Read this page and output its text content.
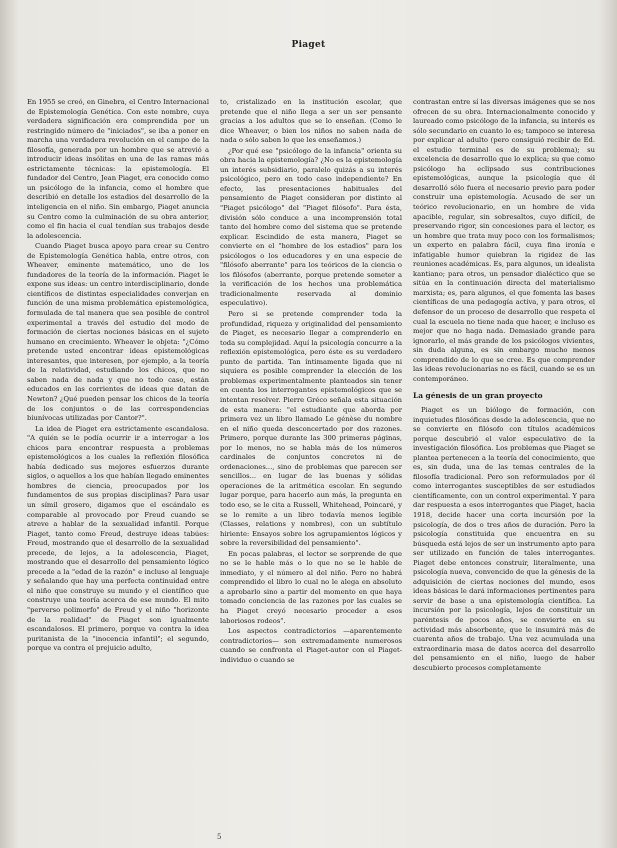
Piaget

En 1955 se creó, en Ginebra, el Centro Internacional de Epistemología Genética. Con este nombre, cuya verdadera significación era comprendida por un restringido número de "iniciados", se iba a poner en marcha una verdadera revolución en el campo de la filosofía, generada por un hombre que se atrevió a introducir ideas insólitas en una de las ramas más estrictamente técnicas: la epistemología. El fundador del Centro, Jean Piaget, era conocido como un psicólogo de la infancia, como el hombre que describió en detalle los estadios del desarrollo de la inteligencia en el niño. Sin embargo, Piaget anuncia su Centro como la culminación de su obra anterior, como el fin hacia el cual tendían sus trabajos desde la adolescencia.

Cuando Piaget busca apoyo para crear su Centro de Epistemología Genética habla, entre otros, con Wheaver, eminente matemático, uno de los fundadores de la teoría de la información. Piaget le expone sus ideas: un centro interdisciplinario, donde científicos de distintas especialidades converjan en función de una misma problemática epistemológica, formulada de tal manera que sea posible de control experimental a través del estudio del modo de formación de ciertas nociones básicas en el sujeto humano en crecimiento. Wheaver le objeta: "¿Cómo pretende usted encontrar ideas epistemológicas interesantes, que interesen, por ejemplo, a la teoría de la relatividad, estudiando los chicos, que no saben nada de nada y que no todo caso, están educados en las corrientes de ideas que datan de Newton? ¿Qué pueden pensar los chicos de la teoría de los conjuntos o de las correspondencias biunívocas utilizadas por Cantor?".

La idea de Piaget era estrictamente escandalosa. "A quién se le podía ocurrir ir a interrogar a los chicos para encontrar respuesta a problemas epistemológicos a los cuales la reflexión filosófica había dedicado sus mejores esfuerzos durante siglos, o aquellos a los que habían llegado eminentes hombres de ciencia, preocupados por los fundamentos de sus propias disciplinas? Para usar un símil grosero, digamos que el escándalo es comparable al provocado por Freud cuando se atreve a hablar de la sexualidad infantil. Porque Piaget, tanto como Freud, destruye ideas tabúes: Freud, mostrando que el desarrollo de la sexualidad precede, de lejos, a la adolescencia, Piaget, mostrando que el desarrollo del pensamiento lógico precede a la "edad de la razón" e incluso al lenguaje y señalando que hay una perfecta continuidad entre el niño que construye su mundo y el científico que construye una teoría acerca de ese mundo. El mito "perverso polimorfo" de Freud y el niño "horizonte de la realidad" de Piaget son igualmente escandalosos. El primero, porque va contra la idea puritanista de la "inocencia infantil"; el segundo, porque va contra el prejuicio adulto,

to, cristalizado en la institución escolar, que pretende que el niño llega a ser un ser pensante gracias a los adultos que se lo enseñan. (Como le dice Wheaver, o bien los niños no saben nada de nada o sólo saben lo que les enseñamos.)

¿Por qué ese "psicólogo de la infancia" orienta su obra hacia la epistemología? ¿No es la epistemología un interés subsidiario, paralelo quizás a su interés psicológico, pero en todo caso independiente? En efecto, las presentaciones habituales del pensamiento de Piaget consideran por distinto al "Piaget psicólogo" del "Piaget filósofo". Para ésta, división sólo conduce a una incomprensión total tanto del hombre como del sistema que se pretende explicar. Escindido de esta manera, Piaget se convierte en el "hombre de los estadios" para los psicólogos o los educadores y en una especie de "filósofo aberrante" para los teóricos de la ciencia o los filósofos (aberrante, porque pretende someter a la verificación de los hechos una problemática tradicionalmente reservada al dominio especulativo).

Pero si se pretende comprender toda la profundidad, riqueza y originalidad del pensamiento de Piaget, es necesario llegar a comprenderlo en toda su complejidad. Aquí la psicología concurre a la reflexión epistemológica, pero éste es su verdadero punto de partida. Tan íntimamente ligada que ni siquiera es posible comprender la elección de los problemas experimentalmente planteados sin tener en cuenta los interrogantes epistemológicos que se intentan resolver. Pierre Gréco señala esta situación de esta manera: "el estudiante que aborda por primera vez un libro llamado Le génèse du nombre en el niño queda desconcertado por dos razones. Primero, porque durante las 300 primeras páginas, por lo menos, no se habla más de los números cardinales de conjuntos concretos ni de ordenaciones..., sino de problemas que parecen ser sencillos... en lugar de las buenas y sólidas operaciones de la aritmética escolar. En segundo lugar porque, para hacerlo aun más, la pregunta en todo eso, se le cita a Russell, Whitehead, Poincaré, y se lo remite a un libro todavía menos legible (Classes, relations y nombres), con un subtítulo hiriente: Ensayos sobre los agrupamientos lógicos y sobre la reversibilidad del pensamiento".

En pocas palabras, el lector se sorprende de que no se le hable más o lo que no se le hable de inmediato, y el número al del niño. Pero no habrá comprendido el libro lo cual no le alega en absoluto a aprobarlo sino a partir del momento en que haya tomado conciencia de las razones por las cuales se ha Piaget creyó necesario proceder a esos laboriosos rodeos".

Los aspectos contradictorios —aparentemente contradictorios— son extremadamente numerosos cuando se confronta el Piaget-autor con el Piaget-individuo o cuando se

contrastan entre sí las diversas imágenes que se nos ofrecen de su obra. Internacionalmente conocido y laureado como psicólogo de la infancia, su interés es sólo secundario en cuanto lo es; tampoco se interesa por explicar al adulto (pero consiguió recibir de Ed. el estudio terminal es de su problema); su excelencia de desarrollo que lo explica; su que como psicólogo ha eclipsado sus contribuciones epistemológicas, aunque la psicología que él desarrolló sólo fuera el necesario previo para poder construir una epistemología. Acusado de ser un teórico revolucionario, en un hombre de vida apacible, regular, sin sobresaltos, cuyo difícil, de preservando rigor, sin concesiones para el lector, es un hombre que trata muy poco con los formalismos; un experto en palabra fácil, cuya fina ironía e infatigable humor quiebran la rigidez de las reuniones académicas. Es, para algunos, un idealista kantiano; para otros, un pensador dialéctico que se sitúa en la continuación directa del materialismo marxista; es, para algunos, el que fomenta las bases científicas de una pedagogía activa, y para otros, el defensor de un proceso de desarrollo que respeta el cual la escuela no tiene nada que hacer, e incluso es mejor que no haga nada. Demasiado grande para ignorarlo, el más grande de los psicólogos vivientes, sin duda alguna, es sin embargo mucho menos comprendido de lo que se cree. Es que comprender las ideas revolucionarias no es fácil, cuando se es un contemporáneo.

La génesis de un gran proyecto

Piaget es un biólogo de formación, con inquietudes filosóficas desde la adolescencia, que no se convierte en filósofo con títulos académicos porque descubrió el valor especulativo de la investigación filosófica. Los problemas que Piaget se plantea pertenecen a la teoría del conocimiento, que es, sin duda, una de las temas centrales de la filosofía tradicional. Pero son reformulados por él como interrogantes susceptibles de ser estudiados científicamente, con un control experimental. Y para dar respuesta a esos interrogantes que Piaget, hacia 1918, decide hacer una corta incursión por la psicología, de dos o tres años de duración. Pero la psicología constituida que encuentra en su búsqueda está lejos de ser un instrumento apto para ser utilizado en función de tales interrogantes. Piaget debe entonces construir, literalmente, una psicología nueva, convencido de que la génesis de la adquisición de ciertas nociones del mundo, esos ideas básicas le dará informaciones pertinentes para servir de base a una epistemología científica. La incursión por la psicología, lejos de constituir un paréntesis de pocos años, se convierte en su actividad más absorbente, que le insumirá más de cuarenta años de trabajo. Una vez acumulada una extraordinaria masa de datos acerca del desarrollo del pensamiento en el niño, luego de haber descubierto procesos completamente

5
